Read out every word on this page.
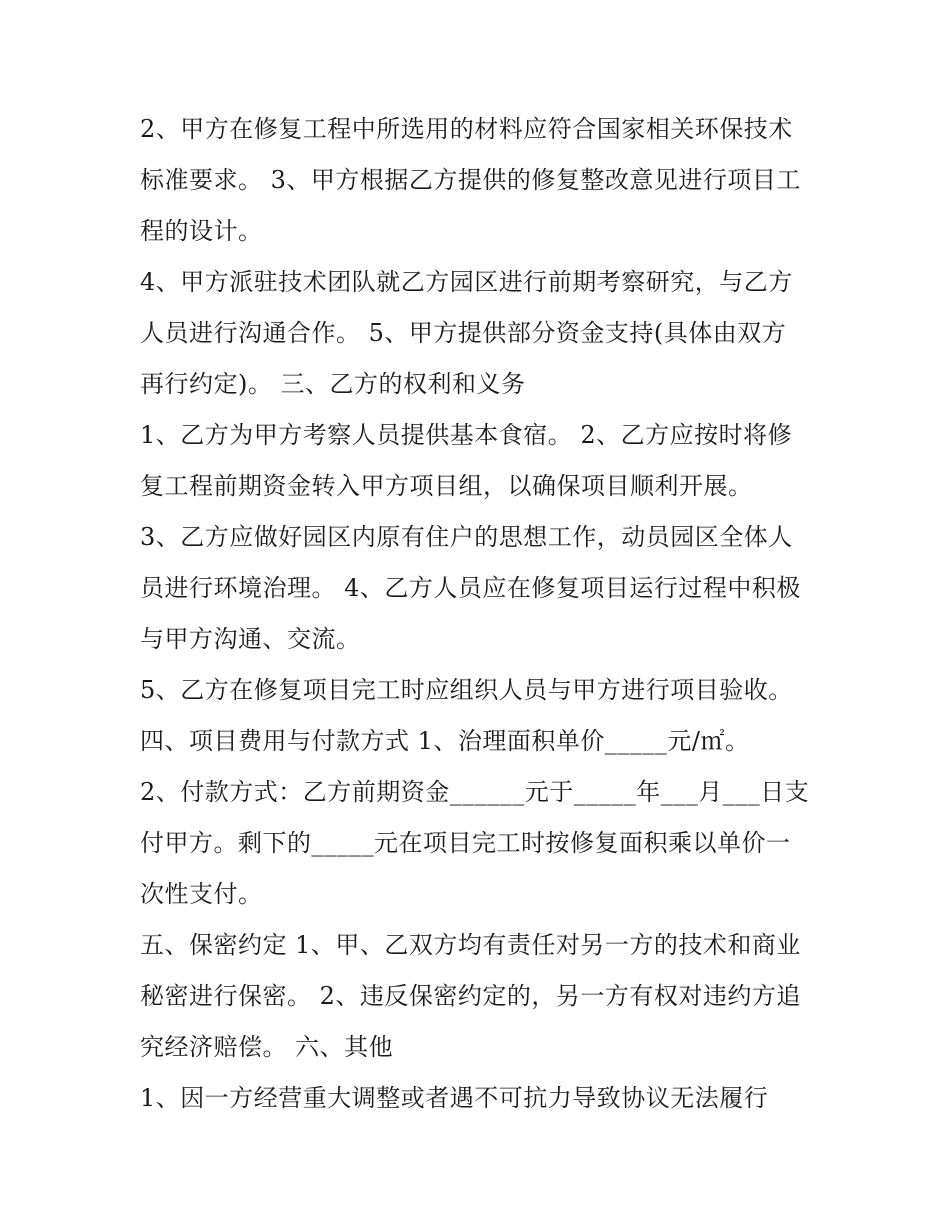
2、甲方在修复工程中所选用的材料应符合国家相关环保技术

标准要求。 3、甲方根据乙方提供的修复整改意见进行项目工

程的设计。

4、甲方派驻技术团队就乙方园区进行前期考察研究，与乙方

人员进行沟通合作。 5、甲方提供部分资金支持(具体由双方

再行约定)。 三、乙方的权利和义务

1、乙方为甲方考察人员提供基本食宿。 2、乙方应按时将修

复工程前期资金转入甲方项目组，以确保项目顺利开展。

3、乙方应做好园区内原有住户的思想工作，动员园区全体人

员进行环境治理。 4、乙方人员应在修复项目运行过程中积极

与甲方沟通、交流。

5、乙方在修复项目完工时应组织人员与甲方进行项目验收。

四、项目费用与付款方式 1、治理面积单价_____元/㎡。

2、付款方式：乙方前期资金______元于_____年___月___日支

付甲方。剩下的_____元在项目完工时按修复面积乘以单价一

次性支付。

五、保密约定 1、甲、乙双方均有责任对另一方的技术和商业

秘密进行保密。 2、违反保密约定的，另一方有权对违约方追

究经济赔偿。 六、其他

1、因一方经营重大调整或者遇不可抗力导致协议无法履行
